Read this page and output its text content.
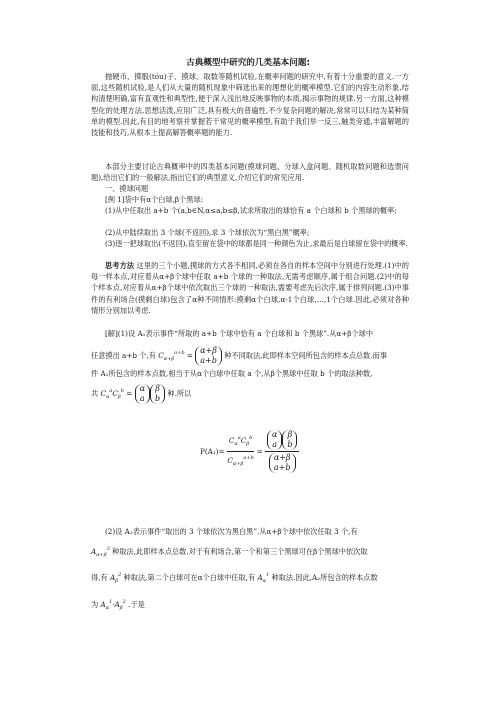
古典概型中研究的几类基本问题:
抛硬币、掷骰(tóu)子、摸球、取数等随机试验,在概率问题的研究中,有着十分重要的意义.一方面,这些随机试验,是人们从大量的随机现象中筛选出来的理想化的概率模型.它们的内容生动形象,结构清楚明确,富有直观性和典型性,便于深入浅出地反映事物的本质,揭示事物的规律.另一方面,这种模型化的处理方法,思想活泼,应用广泛,具有极大的普遍性,不少复杂问题的解决,常常可以归结为某种简单的模型.因此,有目的地考察并掌握若干常见的概率模型,有助于我们举一反三,触类旁通,丰富解题的技能和技巧,从根本上提高解答概率题的能力.
本部分主要讨论古典概率中的四类基本问题(摸球问题、分球入盒问题、随机取数问题和选票问题),给出它们的一般解法,指出它们的典型意义,介绍它们的常见应用.
一、摸球问题
[例 1]袋中有α个白球,β个黑球:
(1)从中任取出 a+b 个(a,b∈N,α≤a,b≤β,试求所取出的球恰有 a 个白球和 b 个黑球的概率;
(2)从中陆续取出 3 个球(不返回),求 3 个球依次为“黑白黑”概率;
(3)逐一把球取出(不返回),直至留在袋中的球都是同一种颜色为止,求最后是白球留在袋中的概率.
思考方法 这里的三个小题,摸球的方式各不相同,必须在各自的样本空间中分别进行处理.(1)中的每一样本点,对应着从α+β个球中任取 a+b 个球的一种取法,无需考虑顺序,属于组合问题.(2)中的每个样本点,对应着从α+β个球中依次取出三个球的一种取法,需要考虑先后次序,属于排列问题.(3)中事件的有利场合(摸剩白球)包含了α种不同情形:摸剩α个白球,α-1个白球,…,1个白球.因此,必须对各种情形分别加以考虑.
[解](1)设 A₁表示事件“所取的 a+b 个球中恰有 a 个白球和 b 个黑球”.从α+β个球中
任意摸出 a+b 个,有 $C_{\alpha+\beta}^{a+b}$ =
α+β
a+b
种不同取法,此即样本空间所包含的样本点总数.而事
件 A₁所包含的样本点数,相当于从α个白球中任取 a 个,从β个黑球中任取 b 个的取法种数,
共 $C_\alpha^aC_\beta^b$ =
α
a
β
b
种.所以
$P(A_1)= \frac{C_\alpha^aC_\beta^b}{C_{\alpha+\beta}^{a+b}} = \alpha$
a
β
b
α+β
a+b
(2)设 A₂表示事件“取出的 3 个球依次为黑白黑”.从α+β个球中依次任取 3 个,有
$A_{\alpha+\beta}^3$ 种取法,此即样本点总数.对于有利场合,第一个和第三个黑球可在β个黑球中依次取
得,有 $A_\beta^2$ 种取法,第二个白球可在α个白球中任取,有 $A_\alpha^1$ 种取法.因此,A₂所包含的样本点数
为 $A_\alpha^1\cdot A_\beta^2$ .于是
